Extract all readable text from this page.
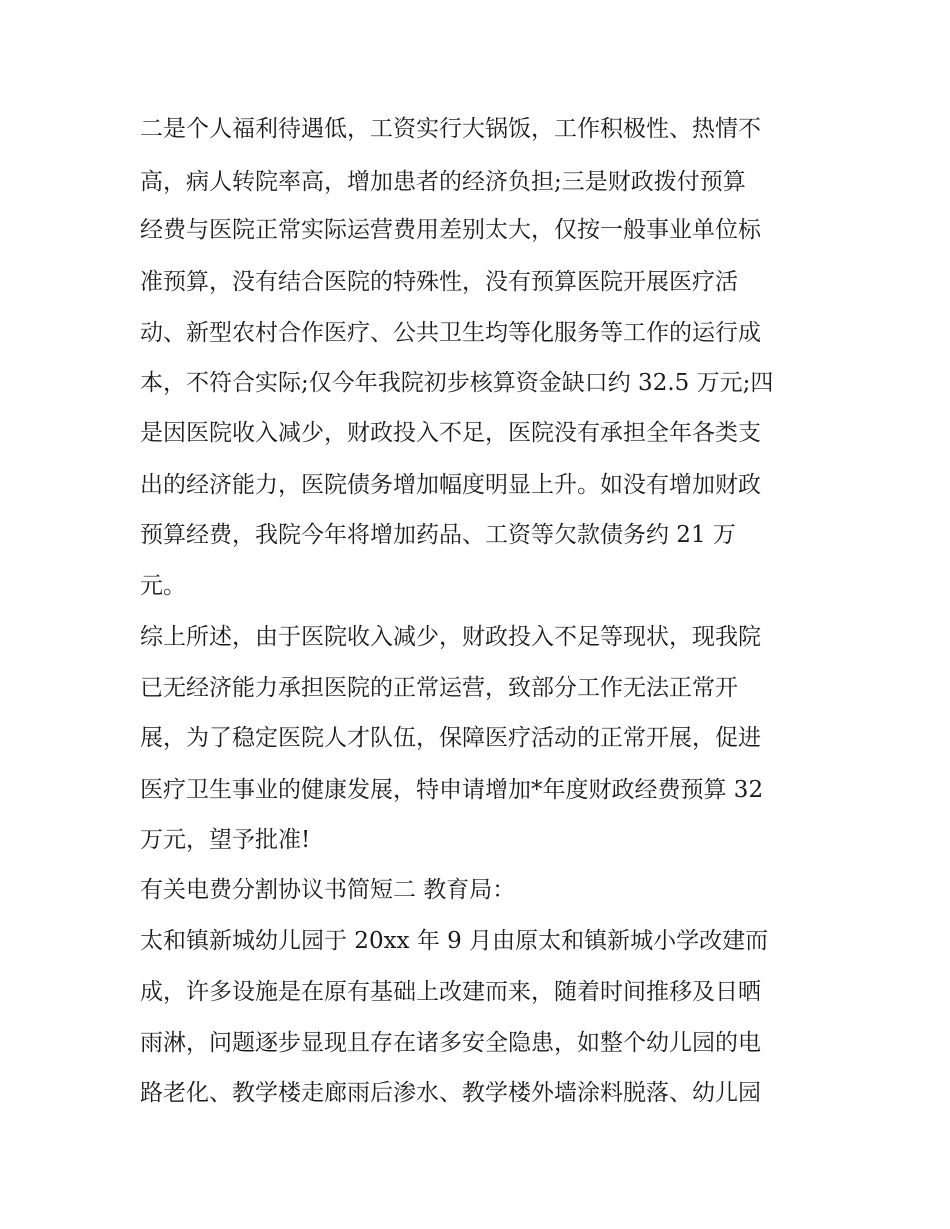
二是个人福利待遇低，工资实行大锅饭，工作积极性、热情不
高，病人转院率高，增加患者的经济负担;三是财政拨付预算
经费与医院正常实际运营费用差别太大，仅按一般事业单位标
准预算，没有结合医院的特殊性，没有预算医院开展医疗活
动、新型农村合作医疗、公共卫生均等化服务等工作的运行成
本，不符合实际;仅今年我院初步核算资金缺口约 32.5 万元;四
是因医院收入减少，财政投入不足，医院没有承担全年各类支
出的经济能力，医院债务增加幅度明显上升。如没有增加财政
预算经费，我院今年将增加药品、工资等欠款债务约 21 万
元。
综上所述，由于医院收入减少，财政投入不足等现状，现我院
已无经济能力承担医院的正常运营，致部分工作无法正常开
展，为了稳定医院人才队伍，保障医疗活动的正常开展，促进
医疗卫生事业的健康发展，特申请增加*年度财政经费预算 32
万元，望予批准!
有关电费分割协议书简短二 教育局：
太和镇新城幼儿园于 20xx 年 9 月由原太和镇新城小学改建而
成，许多设施是在原有基础上改建而来，随着时间推移及日晒
雨淋，问题逐步显现且存在诸多安全隐患，如整个幼儿园的电
路老化、教学楼走廊雨后渗水、教学楼外墙涂料脱落、幼儿园
